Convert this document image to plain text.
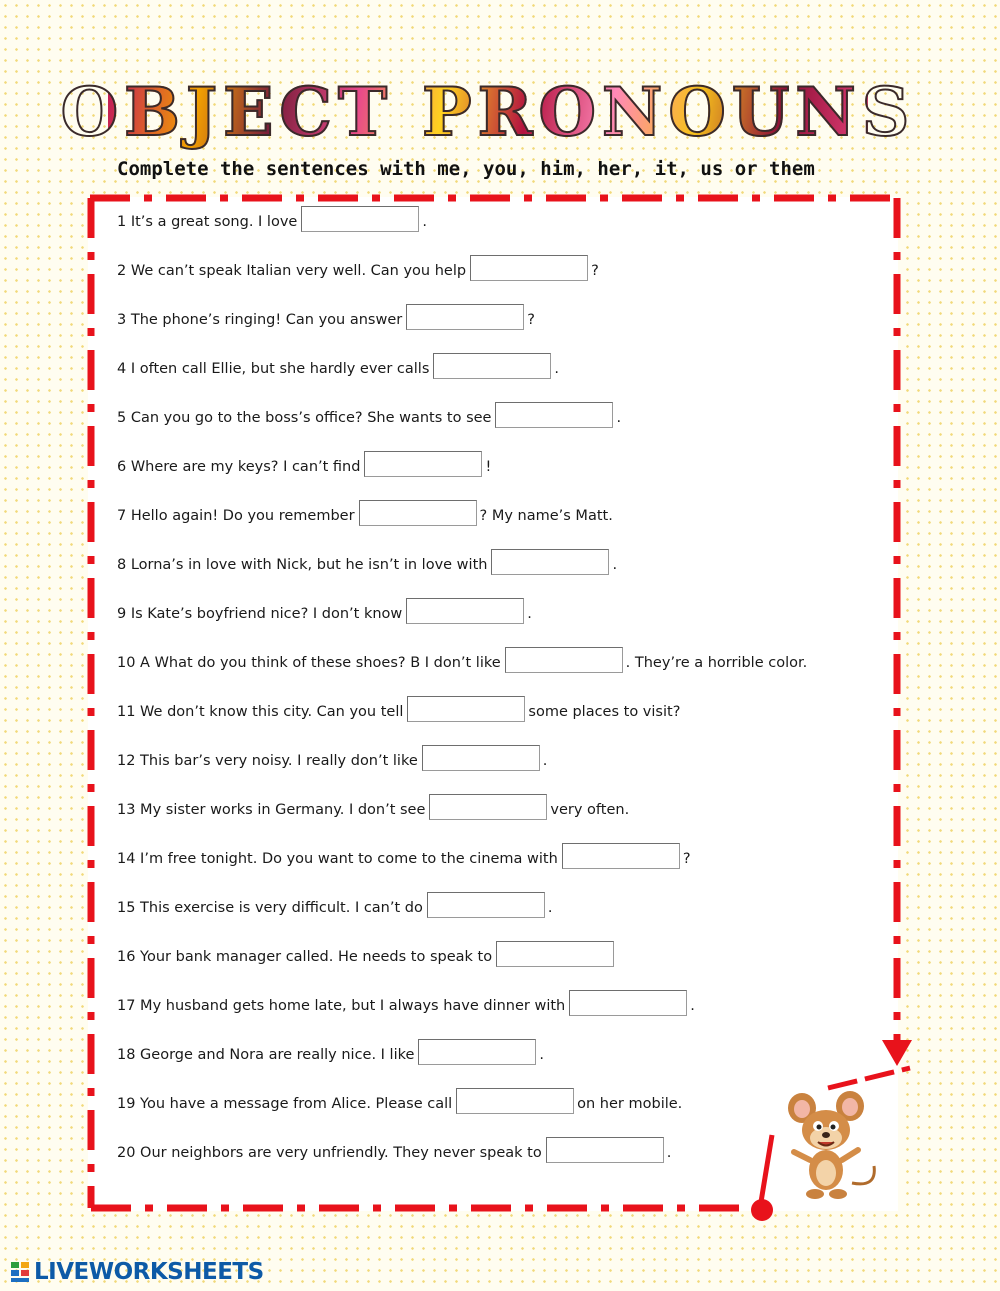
OBJECT PRONOUNS
Complete the sentences with me, you, him, her, it, us or them
1 It’s a great song. I love	.
2 We can’t speak Italian very well. Can you help	?
3 The phone’s ringing! Can you answer	?
4 I often call Ellie, but she hardly ever calls	.
5 Can you go to the boss’s office? She wants to see	.
6 Where are my keys? I can’t find	!
7 Hello again! Do you remember	? My name’s Matt.
8 Lorna’s in love with Nick, but he isn’t in love with	.
9 Is Kate’s boyfriend nice? I don’t know	.
10 A What do you think of these shoes? B I don’t like	. They’re a horrible color.
11 We don’t know this city. Can you tell	some places to visit?
12 This bar’s very noisy. I really don’t like	.
13 My sister works in Germany. I don’t see	very often.
14 I’m free tonight. Do you want to come to the cinema with	?
15 This exercise is very difficult. I can’t do	.
16 Your bank manager called. He needs to speak to
17 My husband gets home late, but I always have dinner with	.
18 George and Nora are really nice. I like	.
19 You have a message from Alice. Please call	on her mobile.
20 Our neighbors are very unfriendly. They never speak to	.
LIVEWORKSHEETS
